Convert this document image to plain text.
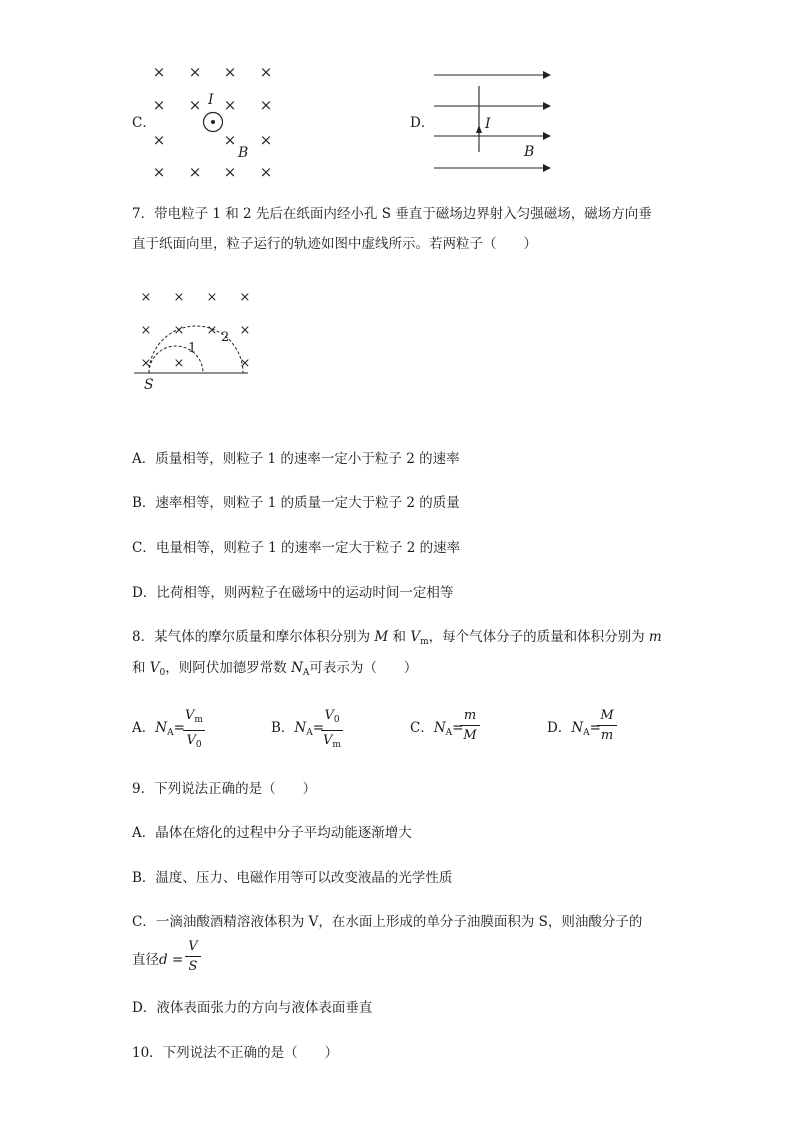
C．
× × × ×
× × × ×
×	× ×
× × × ×
I
B
D．	I
B
7．带电粒子 1 和 2 先后在纸面内经小孔 S 垂直于磁场边界射入匀强磁场，磁场方向垂
直于纸面向里，粒子运行的轨迹如图中虚线所示。若两粒子（　　）
× × × ×
× × × ×
× ×	×
1
2
S
A．质量相等，则粒子 1 的速率一定小于粒子 2 的速率
B．速率相等，则粒子 1 的质量一定大于粒子 2 的质量
C．电量相等，则粒子 1 的速率一定大于粒子 2 的速率
D．比荷相等，则两粒子在磁场中的运动时间一定相等
8．某气体的摩尔质量和摩尔体积分别为 M 和 $V_m$，每个气体分子的质量和体积分别为 m
和 $V_0$，则阿伏加德罗常数 $N_A$可表示为（　　）
A．$N_A=$
$V_m$
$V_0$
B．$N_A=$
$V_0$
$V_m$
C．$N_A=$
m
M	D．$N_A=$
M
m
9．下列说法正确的是（　　）
A．晶体在熔化的过程中分子平均动能逐渐增大
B．温度、压力、电磁作用等可以改变液晶的光学性质
C．一滴油酸酒精溶液体积为 V，在水面上形成的单分子油膜面积为 S，则油酸分子的
直径d =
V
S
D．液体表面张力的方向与液体表面垂直
10．下列说法不正确的是（　　）
